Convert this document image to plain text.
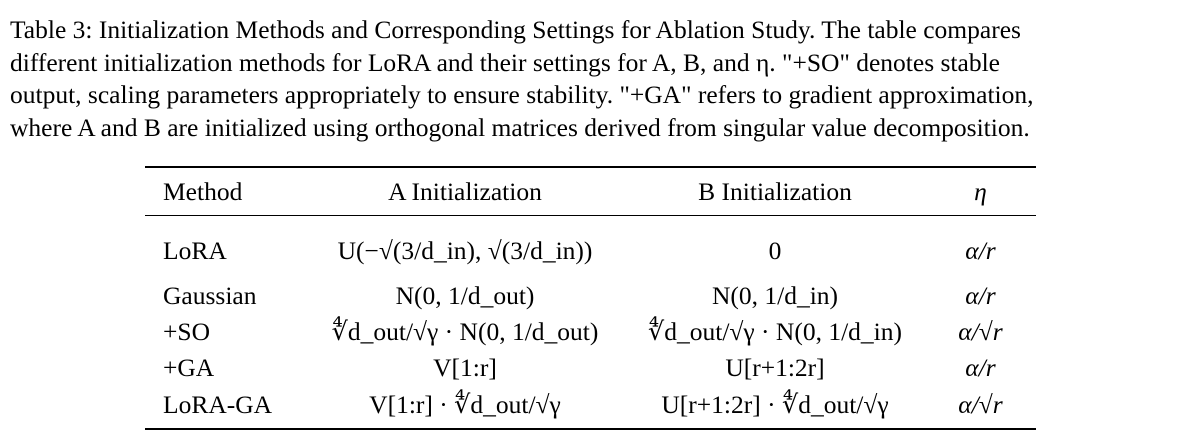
Table 3: Initialization Methods and Corresponding Settings for Ablation Study. The table compares
different initialization methods for LoRA and their settings for A, B, and η. "+SO" denotes stable
output, scaling parameters appropriately to ensure stability. "+GA" refers to gradient approximation,
where A and B are initialized using orthogonal matrices derived from singular value decomposition.
Method	A Initialization	B Initialization	η
LoRA	U(−√(3/d_in), √(3/d_in))	0	α/r
Gaussian	N(0, 1/d_out)	N(0, 1/d_in)	α/r
+SO	∜d_out/√γ · N(0, 1/d_out)	∜d_out/√γ · N(0, 1/d_in)	α/√r
+GA	V[1:r]	U[r+1:2r]	α/r
LoRA-GA	V[1:r] · ∜d_out/√γ	U[r+1:2r] · ∜d_out/√γ	α/√r
